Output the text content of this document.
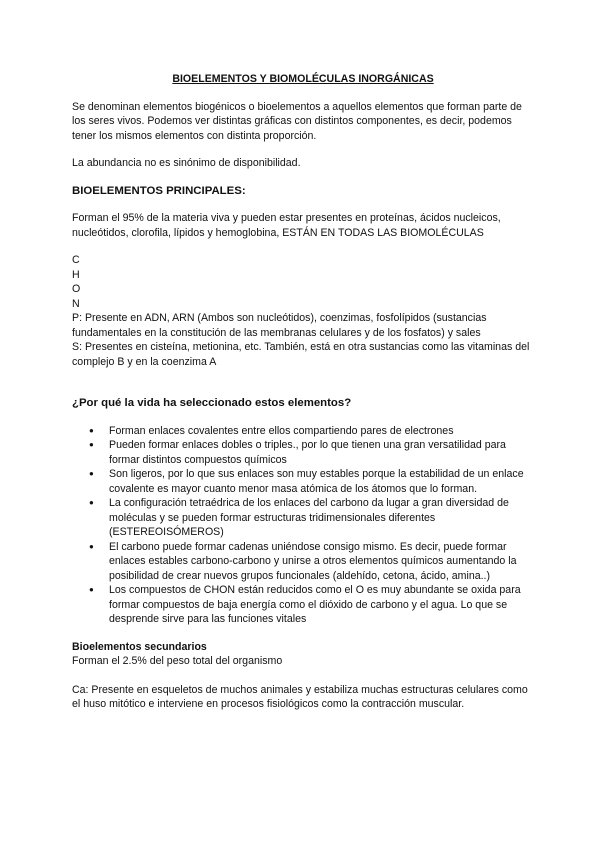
BIOELEMENTOS Y BIOMOLÉCULAS INORGÁNICAS

Se denominan elementos biogénicos o bioelementos a aquellos elementos que forman parte de los seres vivos. Podemos ver distintas gráficas con distintos componentes, es decir, podemos tener los mismos elementos con distinta proporción.

La abundancia no es sinónimo de disponibilidad.

BIOELEMENTOS PRINCIPALES:

Forman el 95% de la materia viva y pueden estar presentes en proteínas, ácidos nucleicos, nucleótidos, clorofila, lípidos y hemoglobina, ESTÁN EN TODAS LAS BIOMOLÉCULAS

C

H

O

N

P: Presente en ADN, ARN (Ambos son nucleótidos), coenzimas, fosfolípidos (sustancias fundamentales en la constitución de las membranas celulares y de los fosfatos) y sales

S: Presentes en cisteína, metionina, etc. También, está en otra sustancias como las vitaminas del complejo B y en la coenzima A

¿Por qué la vida ha seleccionado estos elementos?

● Forman enlaces covalentes entre ellos compartiendo pares de electrones
● Pueden formar enlaces dobles o triples., por lo que tienen una gran versatilidad para formar distintos compuestos químicos
● Son ligeros, por lo que sus enlaces son muy estables porque la estabilidad de un enlace covalente es mayor cuanto menor masa atómica de los átomos que lo forman.
● La configuración tetraédrica de los enlaces del carbono da lugar a gran diversidad de moléculas y se pueden formar estructuras tridimensionales diferentes (ESTEREOISÓMEROS)
● El carbono puede formar cadenas uniéndose consigo mismo. Es decir, puede formar enlaces estables carbono-carbono y unirse a otros elementos químicos aumentando la posibilidad de crear nuevos grupos funcionales (aldehído, cetona, ácido, amina..)
● Los compuestos de CHON están reducidos como el O es muy abundante se oxida para formar compuestos de baja energía como el dióxido de carbono y el agua. Lo que se desprende sirve para las funciones vitales

Bioelementos secundarios

Forman el 2.5% del peso total del organismo

Ca: Presente en esqueletos de muchos animales y estabiliza muchas estructuras celulares como el huso mitótico e interviene en procesos fisiológicos como la contracción muscular.
